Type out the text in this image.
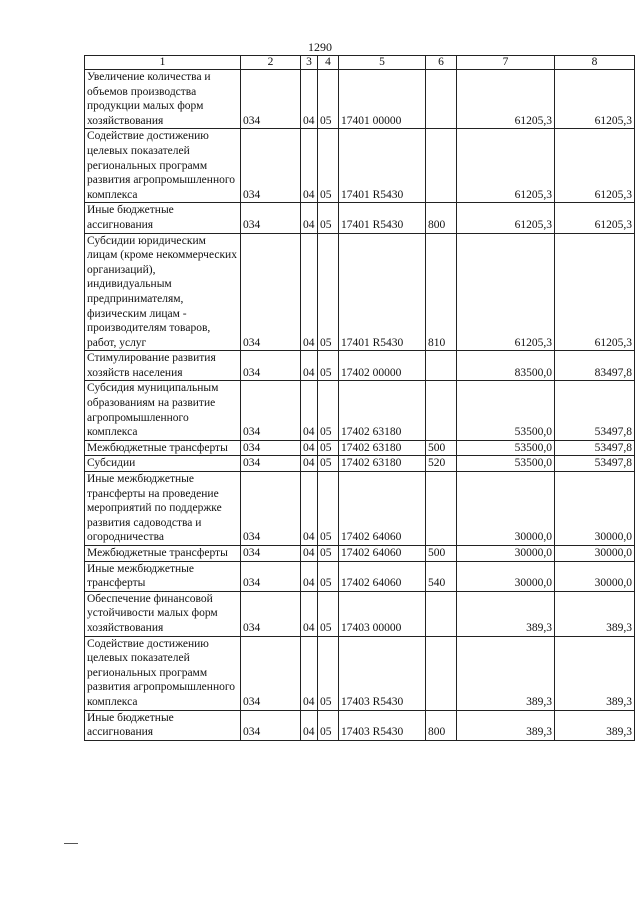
1290
1	2	3	4	5	6	7	8
Увеличение количества и объемов производства продукции малых форм хозяйствования	034	04	05	17401 00000		61205,3	61205,3
Содействие достижению целевых показателей региональных программ развития агропромышленного комплекса	034	04	05	17401 R5430		61205,3	61205,3
Иные бюджетные ассигнования	034	04	05	17401 R5430	800	61205,3	61205,3
Субсидии юридическим лицам (кроме некоммерческих организаций), индивидуальным предпринимателям, физическим лицам - производителям товаров, работ, услуг	034	04	05	17401 R5430	810	61205,3	61205,3
Стимулирование развития хозяйств населения	034	04	05	17402 00000		83500,0	83497,8
Субсидия муниципальным образованиям на развитие агропромышленного комплекса	034	04	05	17402 63180		53500,0	53497,8
Межбюджетные трансферты	034	04	05	17402 63180	500	53500,0	53497,8
Субсидии	034	04	05	17402 63180	520	53500,0	53497,8
Иные межбюджетные трансферты на проведение мероприятий по поддержке развития садоводства и огородничества	034	04	05	17402 64060		30000,0	30000,0
Межбюджетные трансферты	034	04	05	17402 64060	500	30000,0	30000,0
Иные межбюджетные трансферты	034	04	05	17402 64060	540	30000,0	30000,0
Обеспечение финансовой устойчивости малых форм хозяйствования	034	04	05	17403 00000		389,3	389,3
Содействие достижению целевых показателей региональных программ развития агропромышленного комплекса	034	04	05	17403 R5430		389,3	389,3
Иные бюджетные ассигнования	034	04	05	17403 R5430	800	389,3	389,3
